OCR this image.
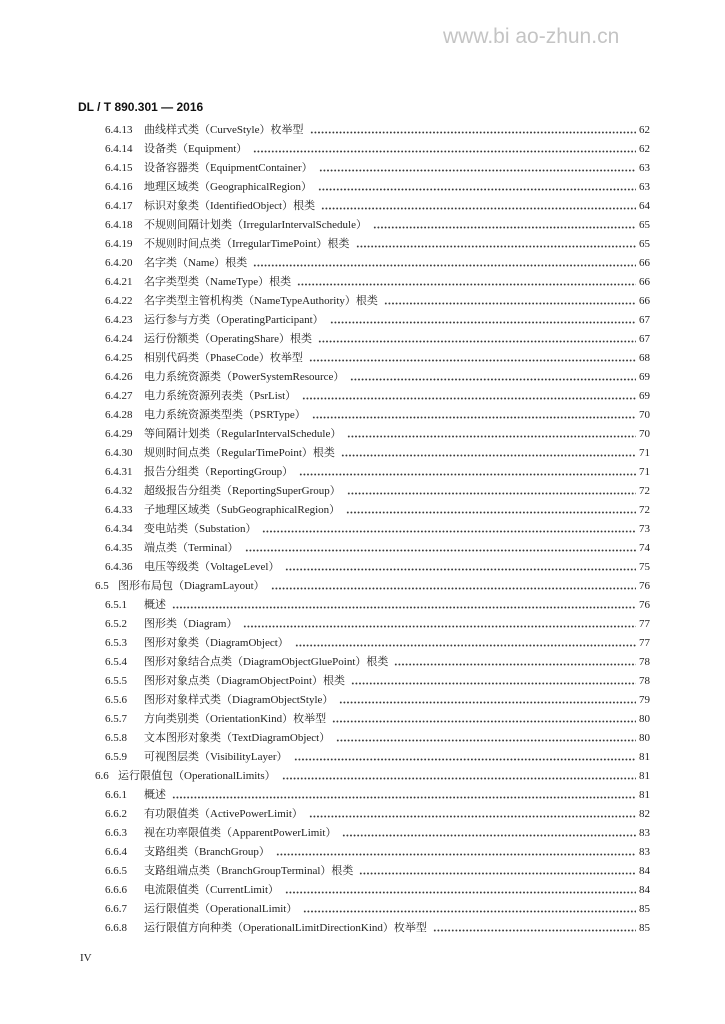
www.bi ao-zhun.cn
DL / T 890.301 — 2016
6.4.13	曲线样式类（CurveStyle）枚举型	62
6.4.14	设备类（Equipment）	62
6.4.15	设备容器类（EquipmentContainer）	63
6.4.16	地理区域类（GeographicalRegion）	63
6.4.17	标识对象类（IdentifiedObject）根类	64
6.4.18	不规则间隔计划类（IrregularIntervalSchedule）	65
6.4.19	不规则时间点类（IrregularTimePoint）根类	65
6.4.20	名字类（Name）根类	66
6.4.21	名字类型类（NameType）根类	66
6.4.22	名字类型主管机构类（NameTypeAuthority）根类	66
6.4.23	运行参与方类（OperatingParticipant）	67
6.4.24	运行份额类（OperatingShare）根类	67
6.4.25	相别代码类（PhaseCode）枚举型	68
6.4.26	电力系统资源类（PowerSystemResource）	69
6.4.27	电力系统资源列表类（PsrList）	69
6.4.28	电力系统资源类型类（PSRType）	70
6.4.29	等间隔计划类（RegularIntervalSchedule）	70
6.4.30	规则时间点类（RegularTimePoint）根类	71
6.4.31	报告分组类（ReportingGroup）	71
6.4.32	超级报告分组类（ReportingSuperGroup）	72
6.4.33	子地理区域类（SubGeographicalRegion）	72
6.4.34	变电站类（Substation）	73
6.4.35	端点类（Terminal）	74
6.4.36	电压等级类（VoltageLevel）	75
6.5 图形布局包（DiagramLayout）	76
6.5.1	概述	76
6.5.2	图形类（Diagram）	77
6.5.3	图形对象类（DiagramObject）	77
6.5.4	图形对象结合点类（DiagramObjectGluePoint）根类	78
6.5.5	图形对象点类（DiagramObjectPoint）根类	78
6.5.6	图形对象样式类（DiagramObjectStyle）	79
6.5.7	方向类别类（OrientationKind）枚举型	80
6.5.8	文本图形对象类（TextDiagramObject）	80
6.5.9	可视图层类（VisibilityLayer）	81
6.6 运行限值包（OperationalLimits）	81
6.6.1	概述	81
6.6.2	有功限值类（ActivePowerLimit）	82
6.6.3	视在功率限值类（ApparentPowerLimit）	83
6.6.4	支路组类（BranchGroup）	83
6.6.5	支路组端点类（BranchGroupTerminal）根类	84
6.6.6	电流限值类（CurrentLimit）	84
6.6.7	运行限值类（OperationalLimit）	85
6.6.8	运行限值方向种类（OperationalLimitDirectionKind）枚举型	85
IV
